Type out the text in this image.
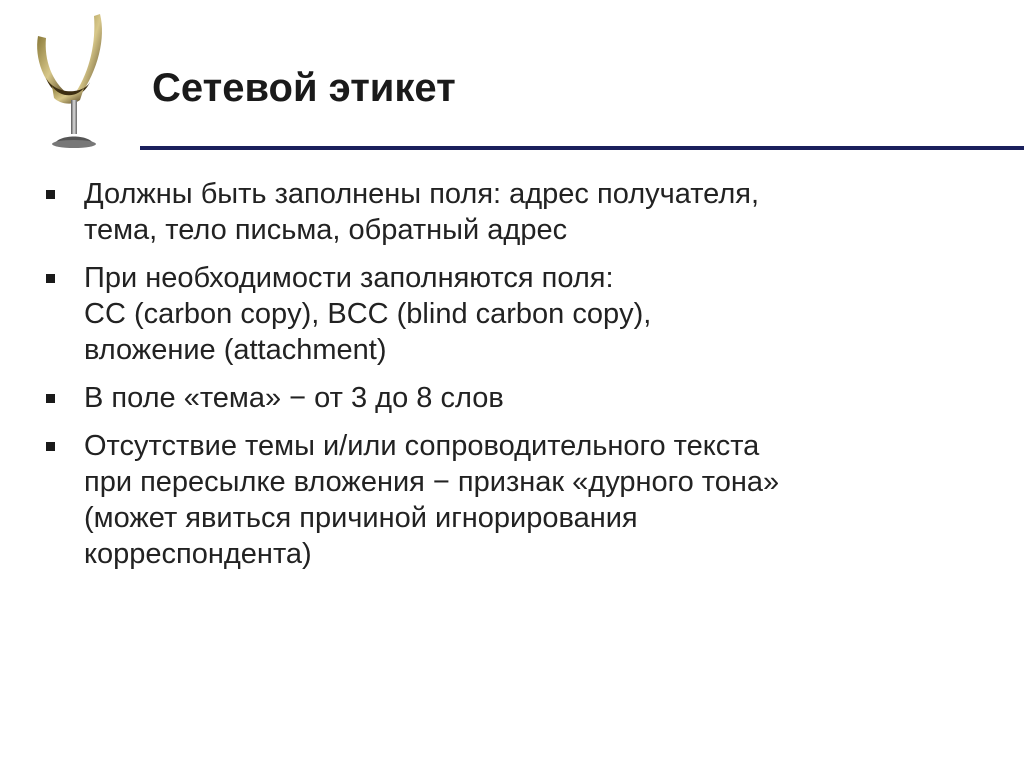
Сетевой этикет
Должны быть заполнены поля: адрес получателя,
тема, тело письма, обратный адрес
При необходимости заполняются поля:
CC (carbon copy), BCC (blind carbon copy),
вложение (attachment)
В поле «тема» − от 3 до 8 слов
Отсутствие темы и/или сопроводительного текста
при пересылке вложения − признак «дурного тона»
(может явиться причиной игнорирования
корреспондента)
